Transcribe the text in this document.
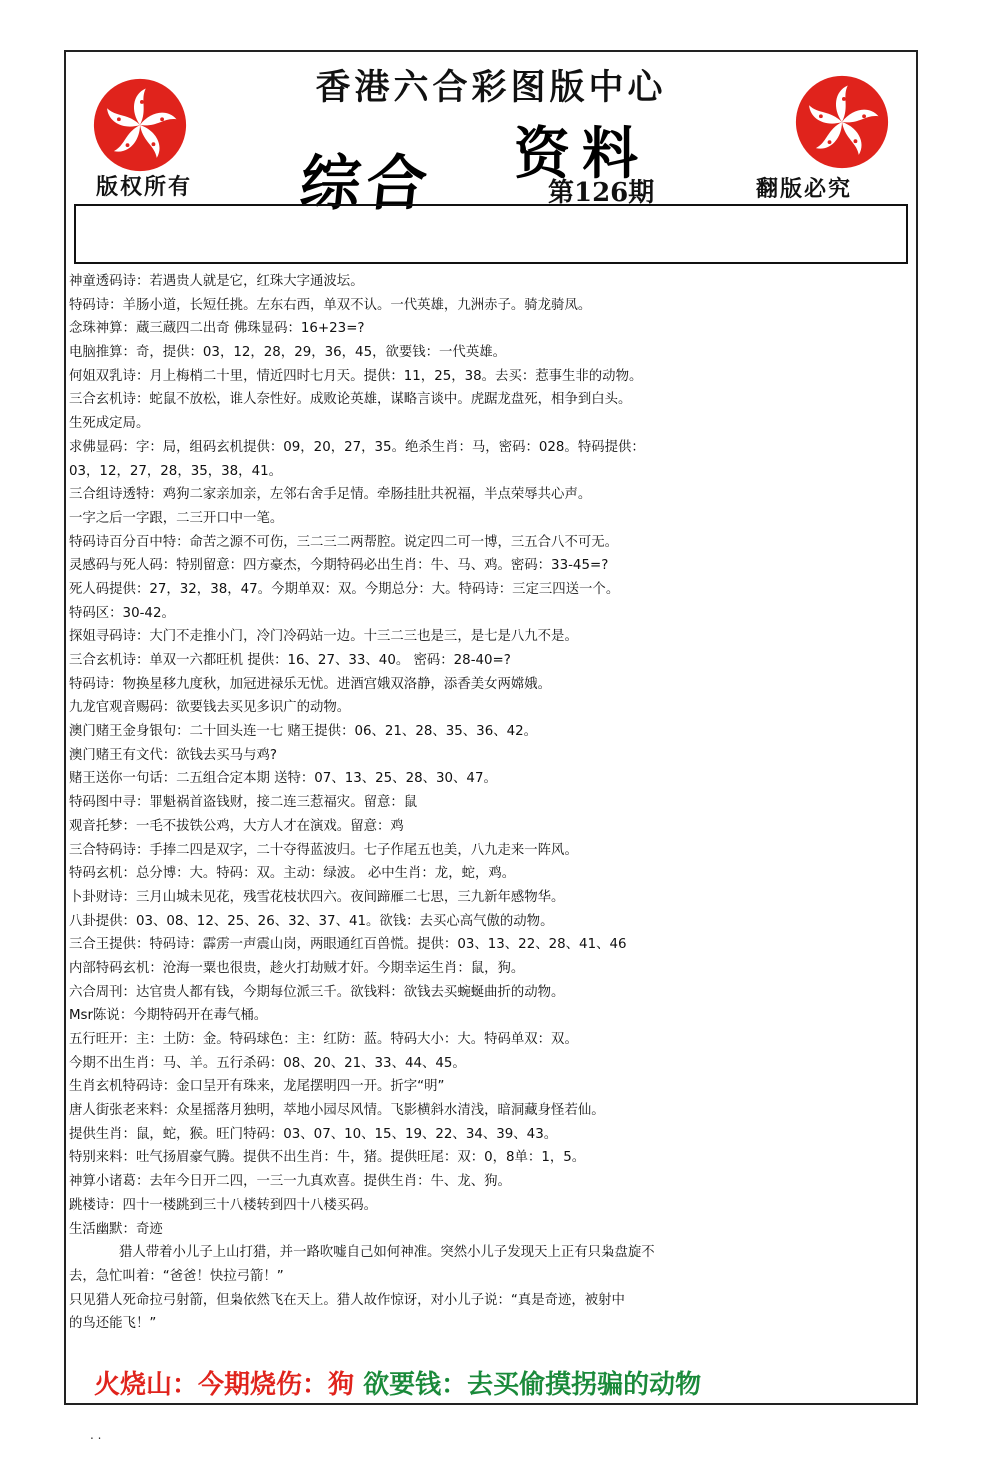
香港六合彩图版中心
综合 资料
第126期
版权所有	翻版必究
神童透码诗：若遇贵人就是它，红珠大字通波坛。
特码诗：羊肠小道，长短任挑。左东右西，单双不认。一代英雄，九洲赤子。骑龙骑凤。
念珠神算：蔵三蔵四二出奇 佛珠显码：16+23=?
电脑推算：奇，提供：03，12，28，29，36，45，欲要钱：一代英雄。
何姐双乳诗：月上梅梢二十里，情近四时七月天。提供：11，25，38。去买：惹事生非的动物。
三合玄机诗：蛇鼠不放松，谁人奈性好。成败论英雄，谋略言谈中。虎踞龙盘死，相争到白头。
生死成定局。
求佛显码：字：局，组码玄机提供：09，20，27，35。绝杀生肖：马，密码：028。特码提供：
03，12，27，28，35，38，41。
三合组诗透特：鸡狗二家亲加亲，左邻右舍手足情。牵肠挂肚共祝福，半点荣辱共心声。
一字之后一字跟，二三开口中一笔。
特码诗百分百中特：命苦之源不可伤，三二三二两帮腔。说定四二可一博，三五合八不可无。
灵感码与死人码：特别留意：四方豪杰，今期特码必出生肖：牛、马、鸡。密码：33-45=?
死人码提供：27，32，38，47。今期单双：双。今期总分：大。特码诗：三定三四送一个。
特码区：30-42。
探姐寻码诗：大门不走推小门，冷门冷码站一边。十三二三也是三，是七是八九不是。
三合玄机诗：单双一六都旺机 提供：16、27、33、40。 密码：28-40=?
特码诗：物换星移九度秋，加冠进禄乐无忧。进酒宫娥双洛静，添香美女两嫦娥。
九龙官观音赐码：欲要钱去买见多识广的动物。
澳门赌王金身银句：二十回头连一七 赌王提供：06、21、28、35、36、42。
澳门赌王有文代：欲钱去买马与鸡?
赌王送你一句话：二五组合定本期 送特：07、13、25、28、30、47。
特码图中寻：罪魁祸首盗钱财，接二连三惹福灾。留意：鼠
观音托梦：一毛不拔铁公鸡，大方人才在演戏。留意：鸡
三合特码诗：手捧二四是双字，二十夺得蓝波归。七子作尾五也美，八九走来一阵风。
特码玄机：总分博：大。特码：双。主动：绿波。 必中生肖：龙，蛇，鸡。
卜卦财诗：三月山城未见花，残雪花枝状四六。夜间蹄雁二七思，三九新年感物华。
八卦提供：03、08、12、25、26、32、37、41。欲钱：去买心高气傲的动物。
三合王提供：特码诗：霹雳一声震山岗，两眼通红百兽慌。提供：03、13、22、28、41、46
内部特码玄机：沧海一粟也很贵，趁火打劫贼才奸。今期幸运生肖：鼠，狗。
六合周刊：达官贵人都有钱，今期每位派三千。欲钱料：欲钱去买蜿蜒曲折的动物。
Msr陈说：今期特码开在毒气桶。
五行旺开：主：土防：金。特码球色：主：红防：蓝。特码大小：大。特码单双：双。
今期不出生肖：马、羊。五行杀码：08、20、21、33、44、45。
生肖玄机特码诗：金口呈开有珠来，龙尾摆明四一开。折字“明”
唐人街张老来料：众星摇落月独明，萃地小园尽风情。飞影横斜水清浅，暗洞藏身怪若仙。
提供生肖：鼠，蛇，猴。旺门特码：03、07、10、15、19、22、34、39、43。
特别来料：吐气扬眉豪气腾。提供不出生肖：牛，猪。提供旺尾：双：0，8单：1，5。
神算小诸葛：去年今日开二四，一三一九真欢喜。提供生肖：牛、龙、狗。
跳楼诗：四十一楼跳到三十八楼转到四十八楼买码。
生活幽默：奇迹
猎人带着小儿子上山打猎，并一路吹嘘自己如何神准。突然小儿子发现天上正有只枭盘旋不
去，急忙叫着：“爸爸！快拉弓箭！”
只见猎人死命拉弓射箭，但枭依然飞在天上。猎人故作惊讶，对小儿子说：“真是奇迹，被射中
的鸟还能飞！”
火烧山：今期烧伤：狗 欲要钱：去买偷摸拐骗的动物
. .
